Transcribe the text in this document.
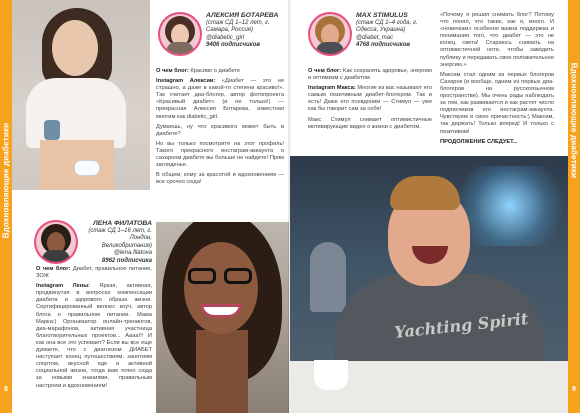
Вдохновляющие диабетики
8
АЛЕКСИЯ БОТАРЕВА
(стаж СД 1–12 лет, г. Самара, Россия)
@diabetic_girl
9406 подписчиков

О чем блог: Красиво о диабете

Instagram Алексии: «Диабет — это не страшно, а даже в какой-то степени красиво!». Так считает диа-блогер, автор фотопроекта «Красивый диабет» (и не только!) — прекрасная Алексия Ботарева, известная многим как diabetic_girl.

Думаешь, ну что красивого может быть в диабете?

Но вы только посмотрите на этот профиль! Такого прекрасного инстаграм-аккаунта о сахарном диабете вы больше не найдете! Прям загляденье.

В общем, кому за красотой и вдохновением — все срочно сюда!

ЛЕНА ФИЛАТОВА
(стаж СД 1–16 лет, г. Лондон, Великобритания)
@lena.filatova
8962 подписчика

О чем блог: Диабет, правильное питание, ЗОЖ

Instagram Лены: Яркая, активная, продвинутая в вопросах компенсации диабета и здорового образа жизни. Сертифицированный велнес коуч, автор блога о правильном питании. Мама Марка:) Организатор онлайн-тренингов, диа-марафонов, активная участница благотворительных проектов... Аааа!!! И как она все это успевает? Если вы все еще думаете, что с диагнозом ДИАБЕТ наступает конец путешествиям, занятиям спортом, вкусной еде и активной социальной жизни, тогда вам точно сюда за новыми знаниями, правильным настроем и вдохновением!

MAX STIMULUS
(стаж СД 1–4 года, г. Одесса, Украина)
@diabet_mac
4768 подписчиков

О чем блог: Как сохранять здоровье, энергию и оптимизм с диабетом

Instagram Макса: Многие из вас называют его самым позитивным диабет-блогером. Так и есть! Даже его псевдоним — Стимул — уже как бы говорит сам за себя!

Макс Стимул снимает оптимистичные мотивирующие видео о жизни с диабетом.

«Почему я решил снимать блог? Потому что понял, что таких, как я, много. И «новичкам» особенно важна поддержка и понимания того, что диабет — это не конец света! Стараюсь снимать на оптимистичной ноте, чтобы заводить публику и передавать свое положительное энергию.»

Максим стал одним из первых блогеров Сахарок (и вообще, одним из первых диа-блогеров на русскоязычном пространстве). Мы очень рады наблюдать за тем, как развивается и как растет число подписчиков его инстаграм-аккаунта. Чувствуем и свою причастность:) Максим, так держать! Только вперед! И только с позитивом!

ПРОДОЛЖЕНИЕ СЛЕДУЕТ...

Yachting Spirit
Вдохновляющие диабетики
9
